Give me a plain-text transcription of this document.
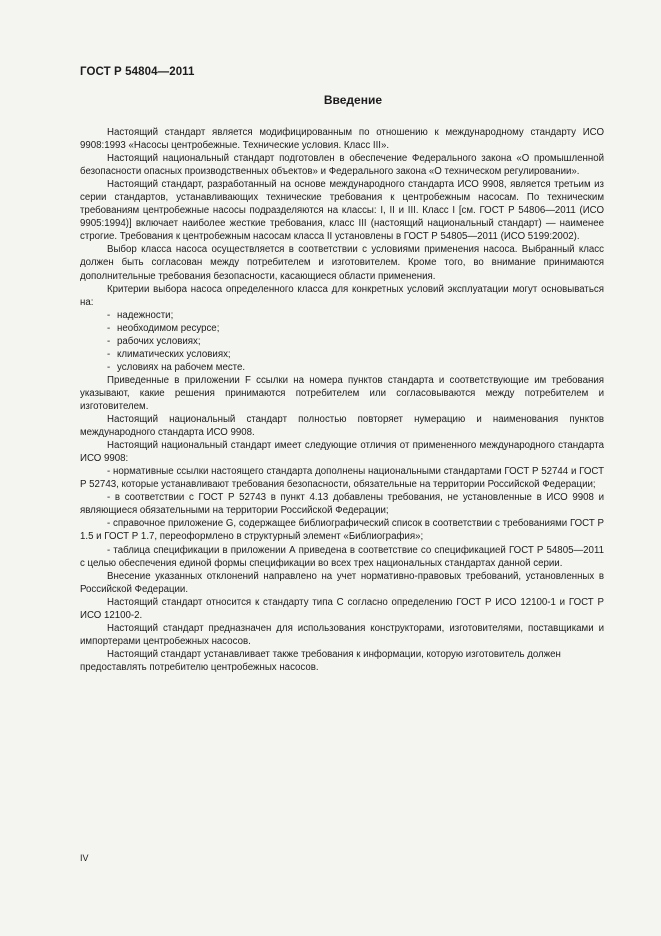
ГОСТ Р 54804—2011
Введение

Настоящий стандарт является модифицированным по отношению к международному стандарту ИСО 9908:1993 «Насосы центробежные. Технические условия. Класс III».

Настоящий национальный стандарт подготовлен в обеспечение Федерального закона «О промышленной безопасности опасных производственных объектов» и Федерального закона «О техническом регулировании».

Настоящий стандарт, разработанный на основе международного стандарта ИСО 9908, является третьим из серии стандартов, устанавливающих технические требования к центробежным насосам. По техническим требованиям центробежные насосы подразделяются на классы: I, II и III. Класс I [см. ГОСТ Р 54806—2011 (ИСО 9905:1994)] включает наиболее жесткие требования, класс III (настоящий национальный стандарт) — наименее строгие. Требования к центробежным насосам класса II установлены в ГОСТ Р 54805—2011 (ИСО 5199:2002).

Выбор класса насоса осуществляется в соответствии с условиями применения насоса. Выбранный класс должен быть согласован между потребителем и изготовителем. Кроме того, во внимание принимаются дополнительные требования безопасности, касающиеся области применения.

Критерии выбора насоса определенного класса для конкретных условий эксплуатации могут основываться на:

- надежности;

- необходимом ресурсе;

- рабочих условиях;

- климатических условиях;

- условиях на рабочем месте.

Приведенные в приложении F ссылки на номера пунктов стандарта и соответствующие им требования указывают, какие решения принимаются потребителем или согласовываются между потребителем и изготовителем.

Настоящий национальный стандарт полностью повторяет нумерацию и наименования пунктов международного стандарта ИСО 9908.

Настоящий национальный стандарт имеет следующие отличия от примененного международного стандарта ИСО 9908:

- нормативные ссылки настоящего стандарта дополнены национальными стандартами ГОСТ Р 52744 и ГОСТ Р 52743, которые устанавливают требования безопасности, обязательные на территории Российской Федерации;

- в соответствии с ГОСТ Р 52743 в пункт 4.13 добавлены требования, не установленные в ИСО 9908 и являющиеся обязательными на территории Российской Федерации;

- справочное приложение G, содержащее библиографический список в соответствии с требованиями ГОСТ Р 1.5 и ГОСТ Р 1.7, переоформлено в структурный элемент «Библиография»;

- таблица спецификации в приложении А приведена в соответствие со спецификацией ГОСТ Р 54805—2011 с целью обеспечения единой формы спецификации во всех трех национальных стандартах данной серии.

Внесение указанных отклонений направлено на учет нормативно-правовых требований, установленных в Российской Федерации.

Настоящий стандарт относится к стандарту типа С согласно определению ГОСТ Р ИСО 12100-1 и ГОСТ Р ИСО 12100-2.

Настоящий стандарт предназначен для использования конструкторами, изготовителями, поставщиками и импортерами центробежных насосов.

Настоящий стандарт устанавливает также требования к информации, которую изготовитель должен предоставлять потребителю центробежных насосов.

IV
